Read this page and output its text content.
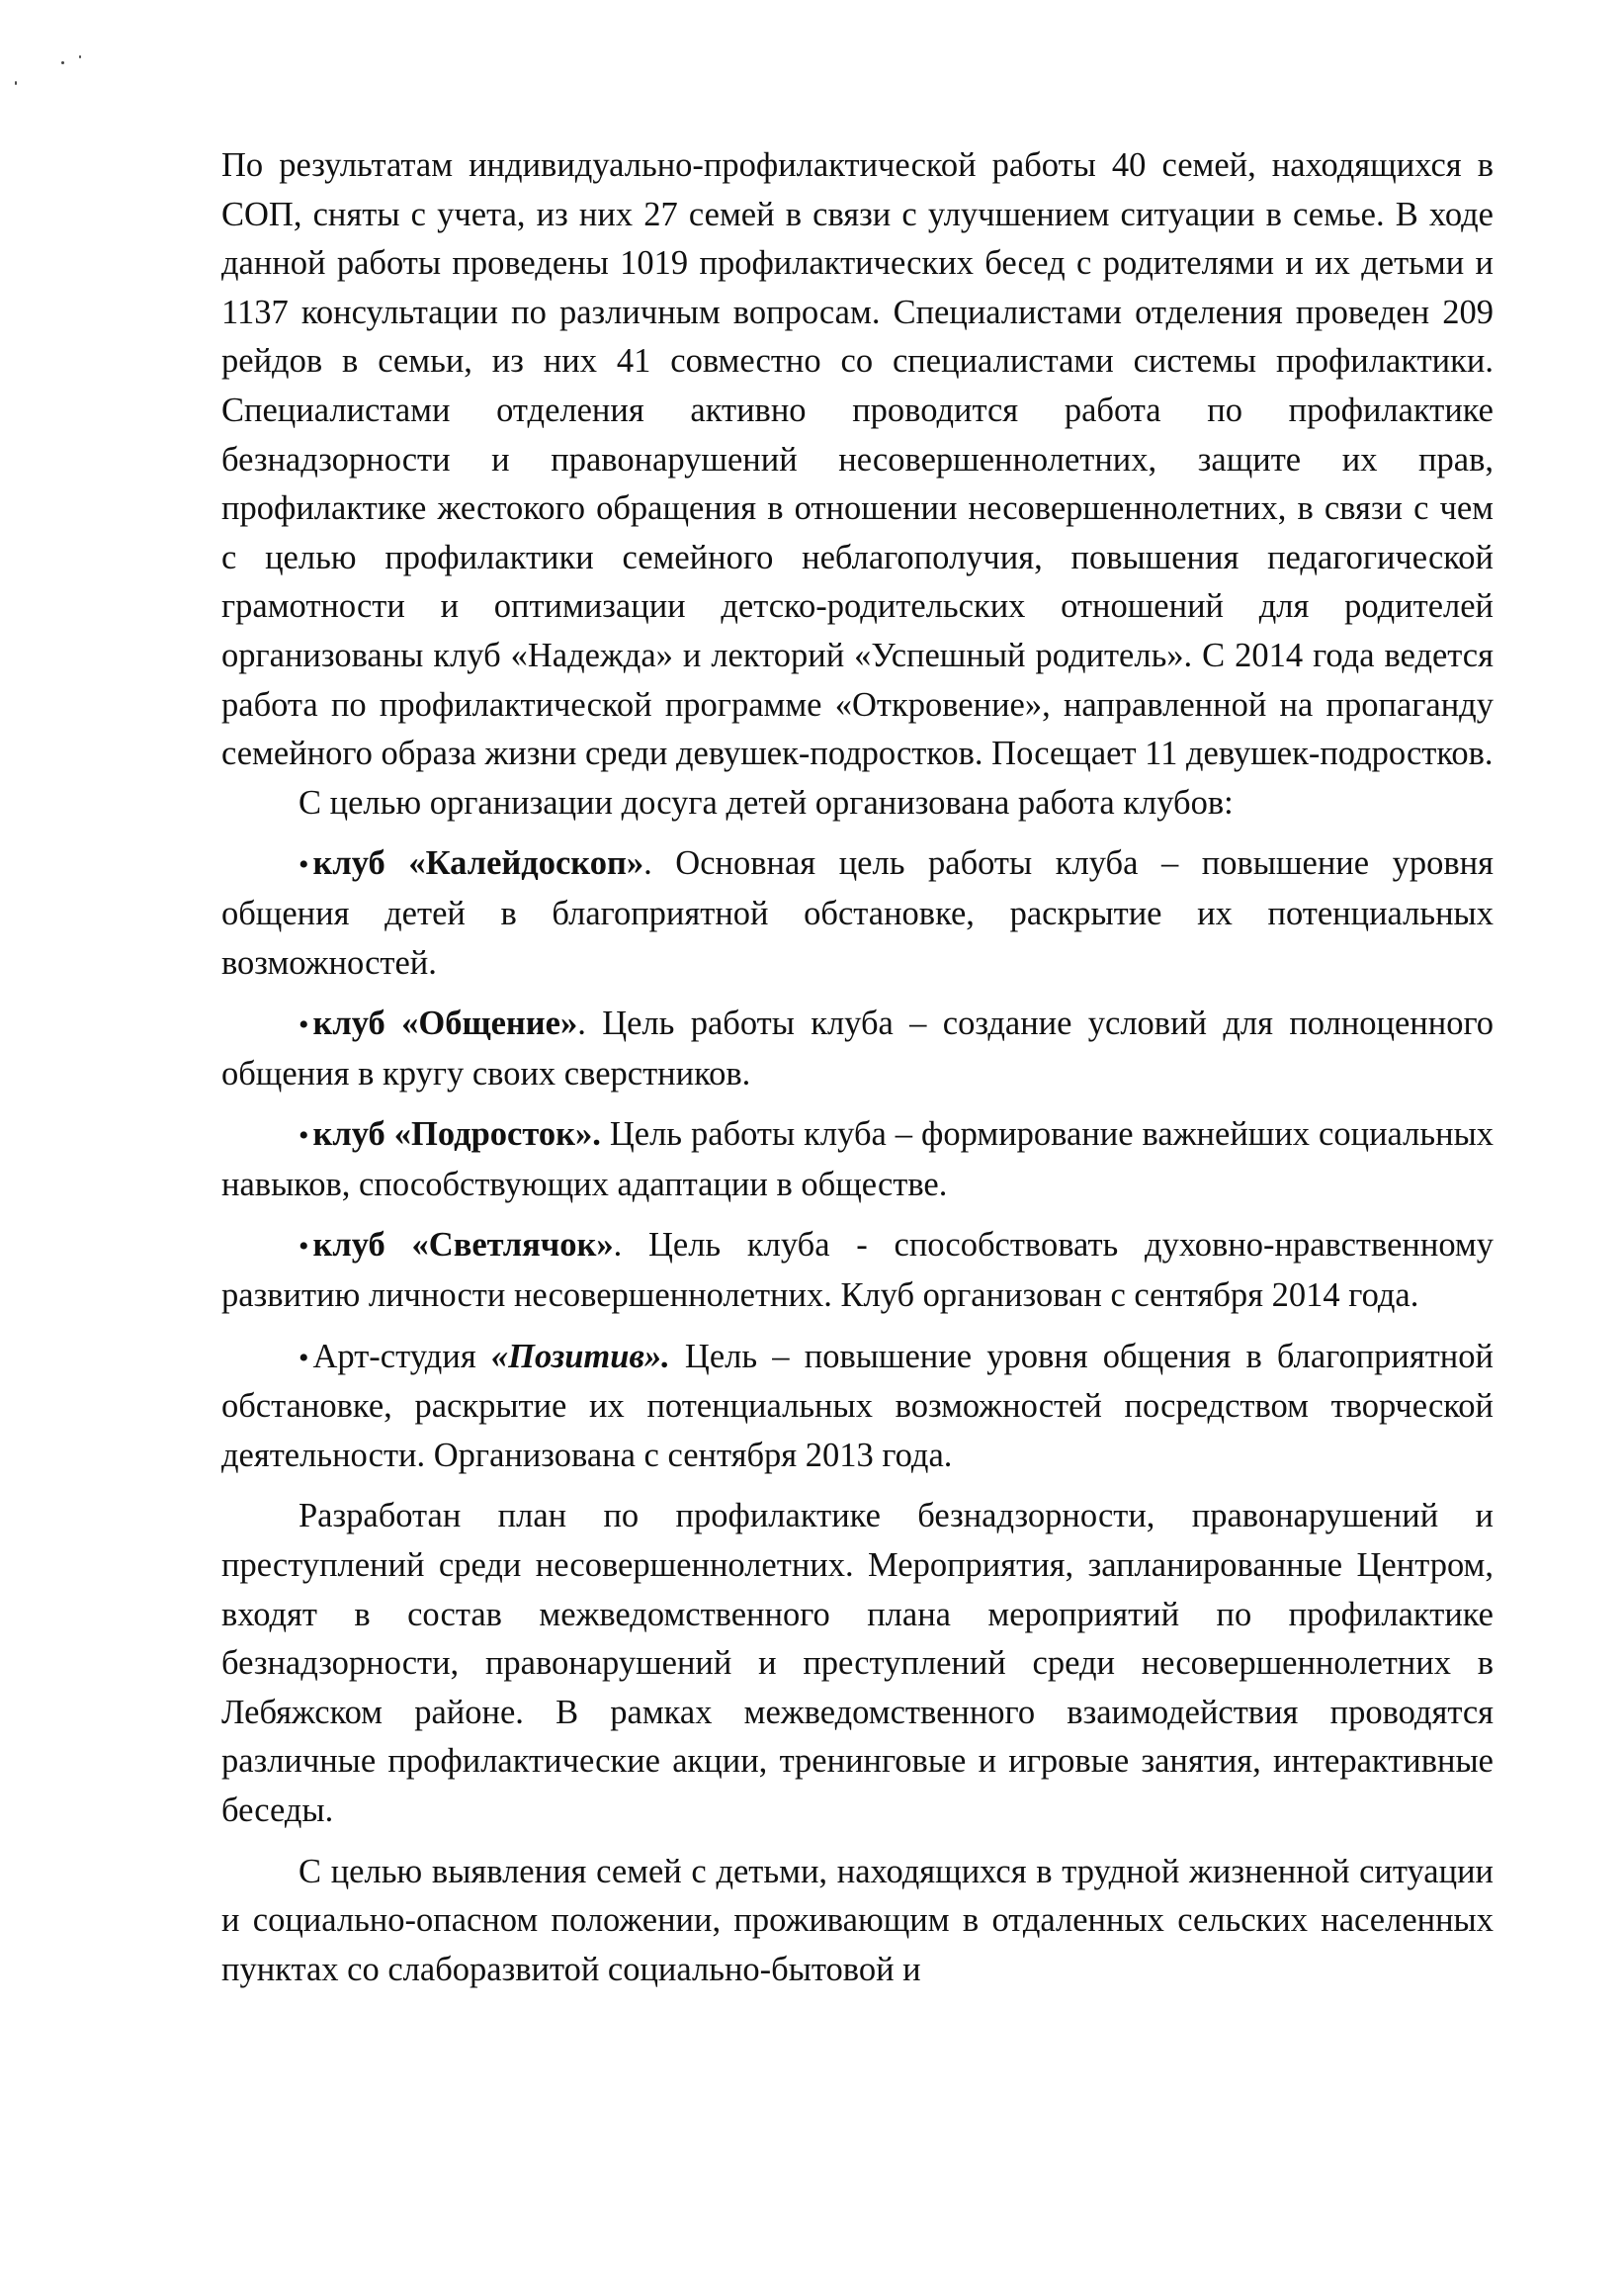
По результатам индивидуально-профилактической работы 40 семей, находящихся в СОП, сняты с учета, из них 27 семей в связи с улучшением ситуации в семье. В ходе данной работы проведены 1019 профилактических бесед с родителями и их детьми и 1137 консультации по различным вопросам. Специалистами отделения проведен 209 рейдов в семьи, из них 41 совместно со специалистами системы профилактики. Специалистами отделения активно проводится работа по профилактике безнадзорности и правонарушений несовершеннолетних, защите их прав, профилактике жестокого обращения в отношении несовершеннолетних, в связи с чем с целью профилактики семейного неблагополучия, повышения педагогической грамотности и оптимизации детско-родительских отношений для родителей организованы клуб «Надежда» и лекторий «Успешный родитель». С 2014 года ведется работа по профилактической программе «Откровение», направленной на пропаганду семейного образа жизни среди девушек-подростков. Посещает 11 девушек-подростков.

С целью организации досуга детей организована работа клубов:

• клуб «Калейдоскоп». Основная цель работы клуба – повышение уровня общения детей в благоприятной обстановке, раскрытие их потенциальных возможностей.

• клуб «Общение». Цель работы клуба – создание условий для полноценного общения в кругу своих сверстников.

• клуб «Подросток». Цель работы клуба – формирование важнейших социальных навыков, способствующих адаптации в обществе.

• клуб «Светлячок». Цель клуба - способствовать духовно-нравственному развитию личности несовершеннолетних. Клуб организован с сентября 2014 года.

• Арт-студия «Позитив». Цель – повышение уровня общения в благоприятной обстановке, раскрытие их потенциальных возможностей посредством творческой деятельности. Организована с сентября 2013 года.

Разработан план по профилактике безнадзорности, правонарушений и преступлений среди несовершеннолетних. Мероприятия, запланированные Центром, входят в состав межведомственного плана мероприятий по профилактике безнадзорности, правонарушений и преступлений среди несовершеннолетних в Лебяжском районе. В рамках межведомственного взаимодействия проводятся различные профилактические акции, тренинговые и игровые занятия, интерактивные беседы.

С целью выявления семей с детьми, находящихся в трудной жизненной ситуации и социально-опасном положении, проживающим в отдаленных сельских населенных пунктах со слаборазвитой социально-бытовой и
